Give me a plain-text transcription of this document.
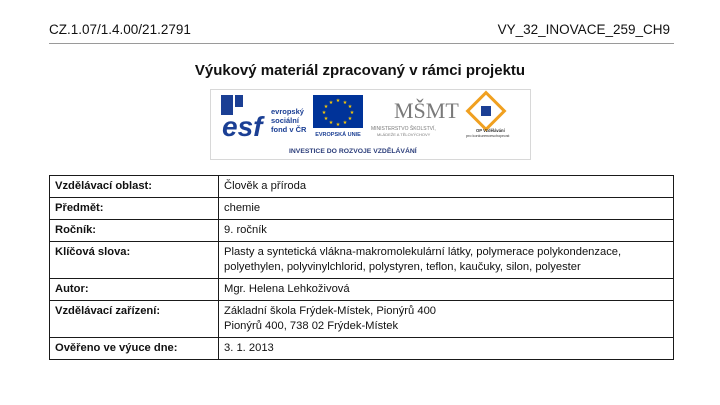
CZ.1.07/1.4.00/21.2791	VY_32_INOVACE_259_CH9
Výukový materiál zpracovaný v rámci projektu
esf	evropský
sociální
fond v ČR
★ ★
★
★
★
★
★
★
★
★
★
★
EVROPSKÁ UNIE
MŠMT
MINISTERSTVO ŠKOLSTVÍ,
MLÁDEŽE A TĚLOVÝCHOVY
OP Vzdělávání
pro konkurenceschopnost
INVESTICE DO ROZVOJE VZDĚLÁVÁNÍ
Vzdělávací oblast:	Člověk a příroda

Předmět:	chemie

Ročník:	9. ročník

Klíčová slova:	Plasty a syntetická vlákna-makromolekulární látky, polymerace polykondenzace,
polyethylen, polyvinylchlorid, polystyren, teflon, kaučuky, silon, polyester

Autor:	Mgr. Helena Lehkoživová

Vzdělávací zařízení:	Základní škola Frýdek-Místek, Pionýrů 400
Pionýrů 400, 738 02 Frýdek-Místek

Ověřeno ve výuce dne:	3. 1. 2013
